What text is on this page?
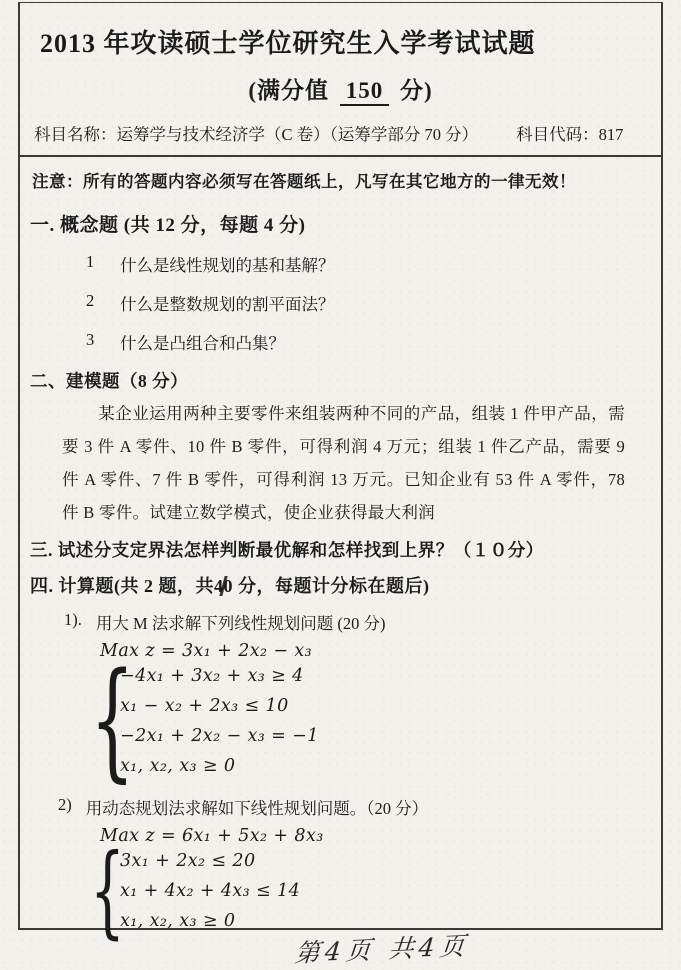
2013 年攻读硕士学位研究生入学考试试题
(满分值 150 分)
科目名称：运筹学与技术经济学（C 卷）（运筹学部分 70 分） 科目代码：817
注意：所有的答题内容必须写在答题纸上，凡写在其它地方的一律无效！
一. 概念题 (共 12 分，每题 4 分)
1	什么是线性规划的基和基解？
2	什么是整数规划的割平面法？
3	什么是凸组合和凸集？
二、建模题（8 分）
某企业运用两种主要零件来组装两种不同的产品，组装 1 件甲产品，需要 3 件 A 零件、10 件 B 零件，可得利润 4 万元；组装 1 件乙产品，需要 9 件 A 零件、7 件 B 零件，可得利润 13 万元。已知企业有 53 件 A 零件，78 件 B 零件。试建立数学模式，使企业获得最大利润
三. 试述分支定界法怎样判断最优解和怎样找到上界？（１０分）
四. 计算题(共 2 题，共40 分，每题计分标在题后)
1). 用大 M 法求解下列线性规划问题 (20 分)
Max z = 3x₁ + 2x₂ − x₃
{
−4x₁ + 3x₂ + x₃ ≥ 4
x₁ − x₂ + 2x₃ ≤ 10
−2x₁ + 2x₂ − x₃ = −1
x₁, x₂, x₃ ≥ 0
2) 用动态规划法求解如下线性规划问题。（20 分）
Max z = 6x₁ + 5x₂ + 8x₃
{
3x₁ + 2x₂ ≤ 20
x₁ + 4x₂ + 4x₃ ≤ 14
x₁, x₂, x₃ ≥ 0
第4页 共4页
